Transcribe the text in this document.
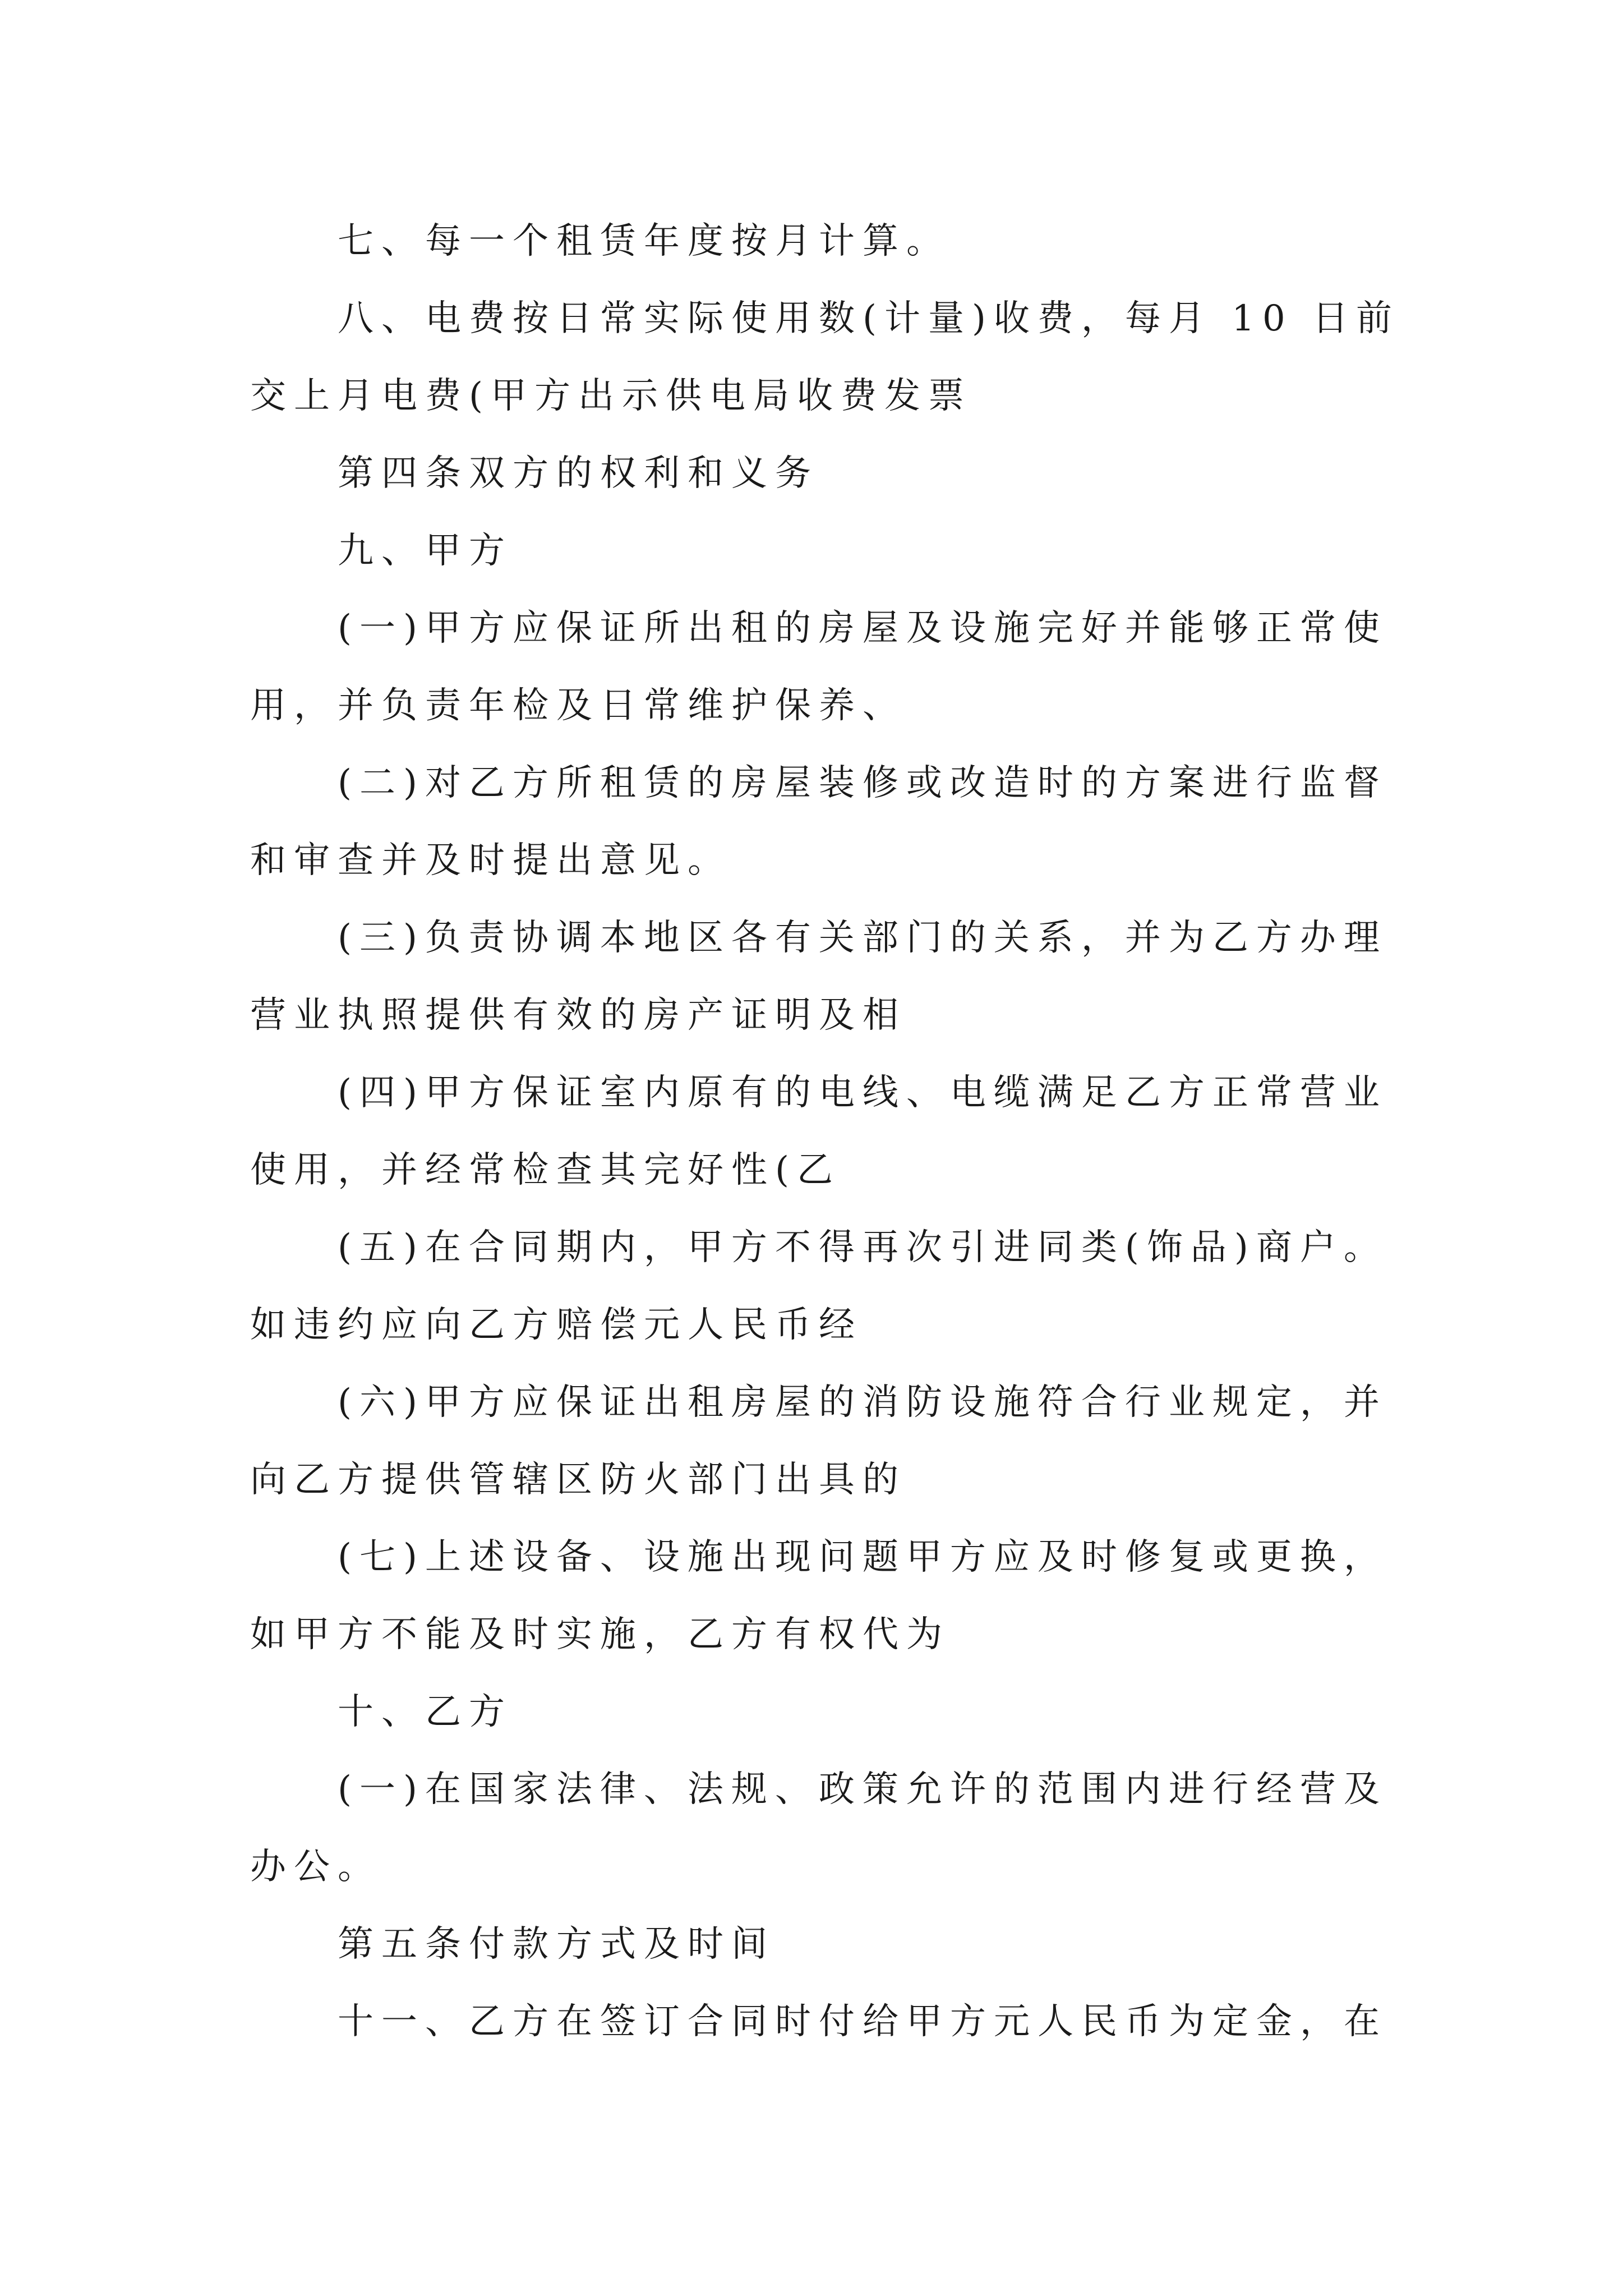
七、每一个租赁年度按月计算。

八、电费按日常实际使用数(计量)收费，每月 10 日前

交上月电费(甲方出示供电局收费发票

第四条双方的权利和义务

九、甲方

(一)甲方应保证所出租的房屋及设施完好并能够正常使

用，并负责年检及日常维护保养、

(二)对乙方所租赁的房屋装修或改造时的方案进行监督

和审查并及时提出意见。

(三)负责协调本地区各有关部门的关系，并为乙方办理

营业执照提供有效的房产证明及相

(四)甲方保证室内原有的电线、电缆满足乙方正常营业

使用，并经常检查其完好性(乙

(五)在合同期内，甲方不得再次引进同类(饰品)商户。

如违约应向乙方赔偿元人民币经

(六)甲方应保证出租房屋的消防设施符合行业规定，并

向乙方提供管辖区防火部门出具的

(七)上述设备、设施出现问题甲方应及时修复或更换，

如甲方不能及时实施，乙方有权代为

十、乙方

(一)在国家法律、法规、政策允许的范围内进行经营及

办公。

第五条付款方式及时间

十一、乙方在签订合同时付给甲方元人民币为定金，在
